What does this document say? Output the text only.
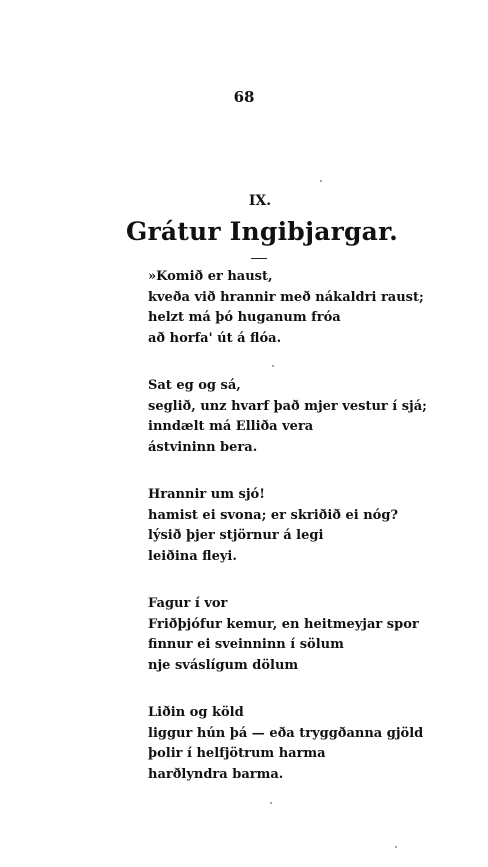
68
IX.
Grátur Ingibjargar.
»Komið er haust,
kveða við hrannir með nákaldri raust;
helzt má þó huganum fróa
að horfa' út á flóa.
Sat eg og sá,
seglið, unz hvarf það mjer vestur í sjá;
inndælt má Elliða vera
ástvininn bera.
Hrannir um sjó!
hamist ei svona; er skriðið ei nóg?
lýsið þjer stjörnur á legi
leiðina fleyi.
Fagur í vor
Friðþjófur kemur, en heitmeyjar spor
finnur ei sveinninn í sölum
nje sváslígum dölum
Liðin og köld
liggur hún þá — eða tryggðanna gjöld
þolir í helfjötrum harma
harðlyndra barma.
